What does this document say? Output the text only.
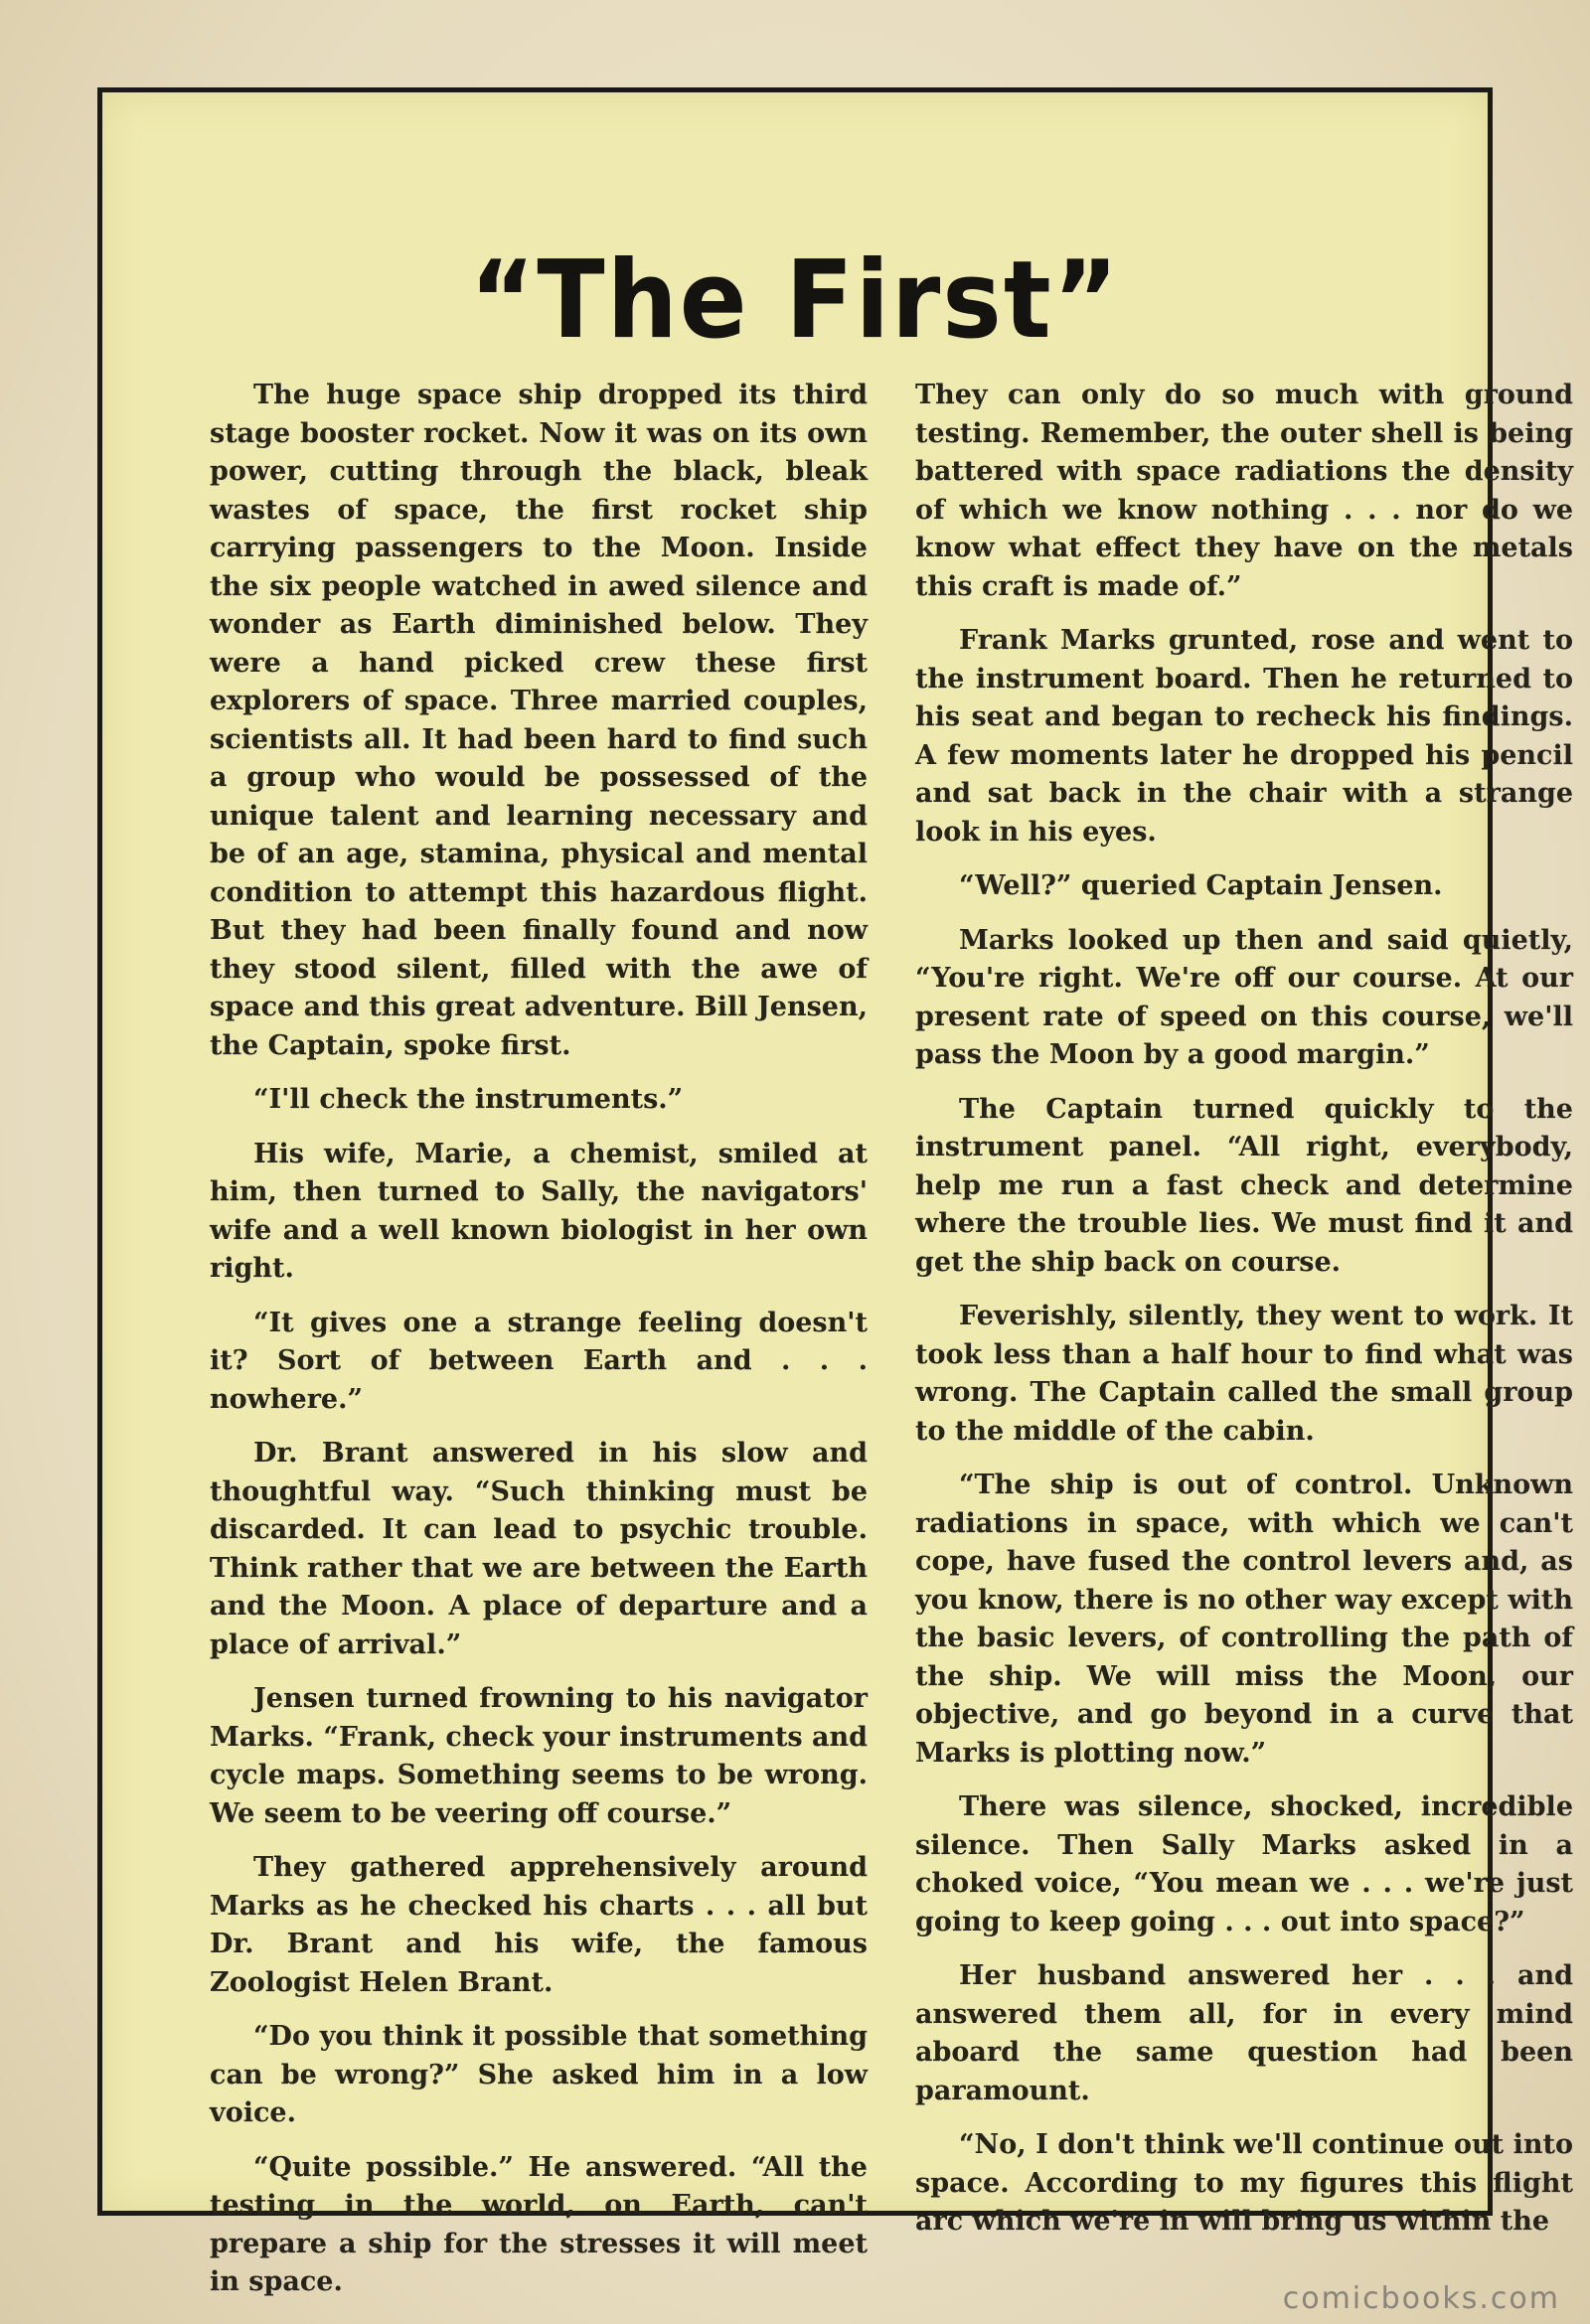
“The First”

The huge space ship dropped its third stage booster rocket. Now it was on its own power, cutting through the black, bleak wastes of space, the first rocket ship carrying passengers to the Moon. Inside the six people watched in awed silence and wonder as Earth diminished below. They were a hand picked crew these first explorers of space. Three married couples, scientists all. It had been hard to find such a group who would be possessed of the unique talent and learning necessary and be of an age, stamina, physical and mental condition to attempt this hazardous flight. But they had been finally found and now they stood silent, filled with the awe of space and this great adventure. Bill Jensen, the Captain, spoke first.

“I'll check the instruments.”

His wife, Marie, a chemist, smiled at him, then turned to Sally, the navigators' wife and a well known biologist in her own right.

“It gives one a strange feeling doesn't it? Sort of between Earth and . . . nowhere.”

Dr. Brant answered in his slow and thoughtful way. “Such thinking must be discarded. It can lead to psychic trouble. Think rather that we are between the Earth and the Moon. A place of departure and a place of arrival.”

Jensen turned frowning to his navigator Marks. “Frank, check your instruments and cycle maps. Something seems to be wrong. We seem to be veering off course.”

They gathered apprehensively around Marks as he checked his charts . . . all but Dr. Brant and his wife, the famous Zoologist Helen Brant.

“Do you think it possible that something can be wrong?” She asked him in a low voice.

“Quite possible.” He answered. “All the testing in the world, on Earth, can't prepare a ship for the stresses it will meet in space.

They can only do so much with ground testing. Remember, the outer shell is being battered with space radiations the density of which we know nothing . . . nor do we know what effect they have on the metals this craft is made of.”

Frank Marks grunted, rose and went to the instrument board. Then he returned to his seat and began to recheck his findings. A few moments later he dropped his pencil and sat back in the chair with a strange look in his eyes.

“Well?” queried Captain Jensen.

Marks looked up then and said quietly, “You're right. We're off our course. At our present rate of speed on this course, we'll pass the Moon by a good margin.”

The Captain turned quickly to the instrument panel. “All right, everybody, help me run a fast check and determine where the trouble lies. We must find it and get the ship back on course.

Feverishly, silently, they went to work. It took less than a half hour to find what was wrong. The Captain called the small group to the middle of the cabin.

“The ship is out of control. Unknown radiations in space, with which we can't cope, have fused the control levers and, as you know, there is no other way except with the basic levers, of controlling the path of the ship. We will miss the Moon, our objective, and go beyond in a curve that Marks is plotting now.”

There was silence, shocked, incredible silence. Then Sally Marks asked in a choked voice, “You mean we . . . we're just going to keep going . . . out into space?”

Her husband answered her . . . and answered them all, for in every mind aboard the same question had been paramount.

“No, I don't think we'll continue out into space. According to my figures this flight arc which we're in will bring us within the

comicbooks.com
